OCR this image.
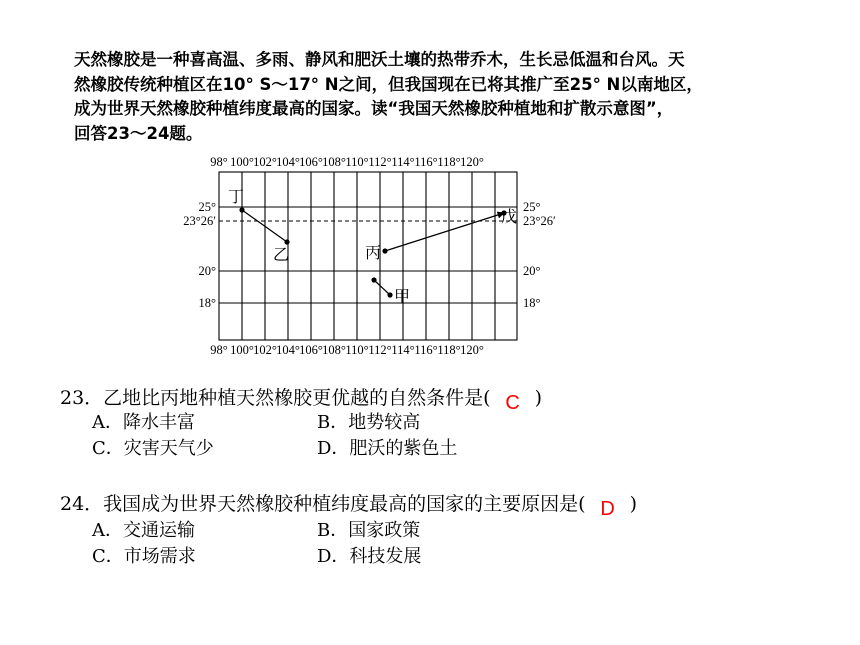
天然橡胶是一种喜高温、多雨、静风和肥沃土壤的热带乔木，生长忌低温和台风。天
然橡胶传统种植区在10° S～17° N之间，但我国现在已将其推广至25° N以南地区，
成为世界天然橡胶种植纬度最高的国家。读“我国天然橡胶种植地和扩散示意图”，
回答23～24题。
98° 100° 102° 104° 106° 108° 110° 112° 114° 116° 118° 120°
98° 100° 102° 104° 106° 108° 110° 112° 114° 116° 118° 120°
25°
23°26′
20°
18°
25°
23°26′
20°
18°
丁
乙	丙
戊
甲
23．乙地比丙地种植天然橡胶更优越的自然条件是( C )
A．降水丰富	B．地势较高
C．灾害天气少	D．肥沃的紫色土
24．我国成为世界天然橡胶种植纬度最高的国家的主要原因是( D )
A．交通运输	B．国家政策
C．市场需求	D．科技发展
